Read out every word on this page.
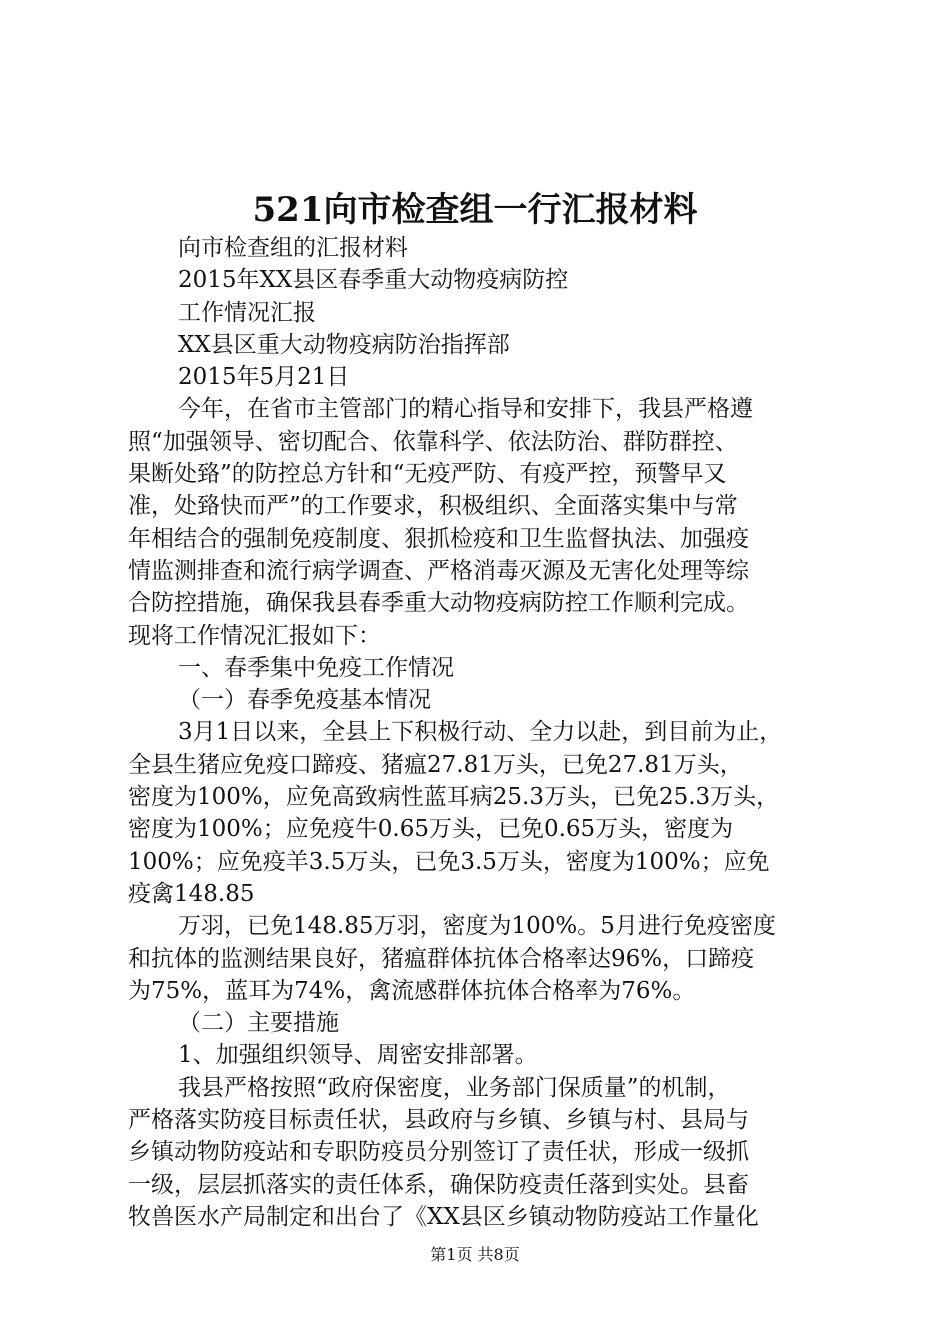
521向市检查组一行汇报材料
向市检查组的汇报材料
2015年XX县区春季重大动物疫病防控
工作情况汇报
XX县区重大动物疫病防治指挥部
2015年5月21日
今年，在省市主管部门的精心指导和安排下，我县严格遵
照“加强领导、密切配合、依靠科学、依法防治、群防群控、
果断处臵”的防控总方针和“无疫严防、有疫严控，预警早又
准，处臵快而严”的工作要求，积极组织、全面落实集中与常
年相结合的强制免疫制度、狠抓检疫和卫生监督执法、加强疫
情监测排查和流行病学调查、严格消毒灭源及无害化处理等综
合防控措施，确保我县春季重大动物疫病防控工作顺利完成。
现将工作情况汇报如下：
一、春季集中免疫工作情况
（一）春季免疫基本情况
3月1日以来，全县上下积极行动、全力以赴，到目前为止，
全县生猪应免疫口蹄疫、猪瘟27.81万头，已免27.81万头，
密度为100%，应免高致病性蓝耳病25.3万头，已免25.3万头，
密度为100%；应免疫牛0.65万头，已免0.65万头，密度为
100%；应免疫羊3.5万头，已免3.5万头，密度为100%；应免
疫禽148.85
万羽，已免148.85万羽，密度为100%。5月进行免疫密度
和抗体的监测结果良好，猪瘟群体抗体合格率达96%，口蹄疫
为75%，蓝耳为74%，禽流感群体抗体合格率为76%。
（二）主要措施
1、加强组织领导、周密安排部署。
我县严格按照“政府保密度，业务部门保质量”的机制，
严格落实防疫目标责任状，县政府与乡镇、乡镇与村、县局与
乡镇动物防疫站和专职防疫员分别签订了责任状，形成一级抓
一级，层层抓落实的责任体系，确保防疫责任落到实处。县畜
牧兽医水产局制定和出台了《XX县区乡镇动物防疫站工作量化
第1页 共8页
